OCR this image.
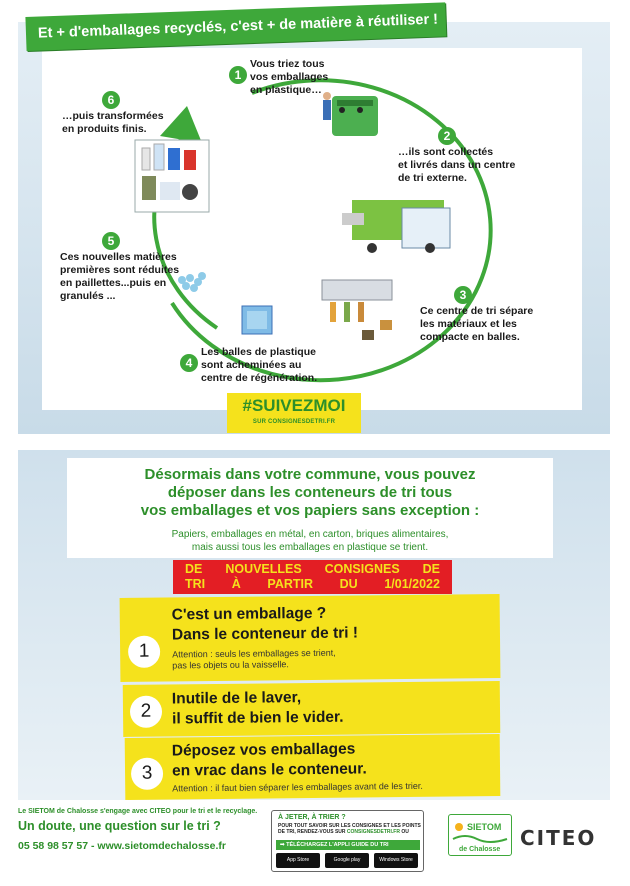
Et + d'emballages recyclés, c'est + de matière à réutiliser !
1
Vous triez tous
vos emballages
en plastique…
2
…ils sont collectés
et livrés dans un centre
de tri externe.
3
Ce centre de tri sépare
les matériaux et les
compacte en balles.
4
Les balles de plastique
sont acheminées au
centre de régénération.
5
Ces nouvelles matières
premières sont réduites
en paillettes...puis en
granulés ...
6
…puis transformées
en produits finis.
#SUIVEZMOI
SUR CONSIGNESDETRI.FR
Désormais dans votre commune, vous pouvez
déposer dans les conteneurs de tri tous
vos emballages et vos papiers sans exception :
Papiers, emballages en métal, en carton, briques alimentaires,
mais aussi tous les emballages en plastique se trient.
DE NOUVELLES CONSIGNES DE
TRI À PARTIR DU 1/01/2022
1
C'est un emballage ?
Dans le conteneur de tri !
Attention : seuls les emballages se trient,
pas les objets ou la vaisselle.
2
Inutile de le laver,
il suffit de bien le vider.
3
Déposez vos emballages
en vrac dans le conteneur.
Attention : il faut bien séparer les emballages avant de les trier.
Le SIETOM de Chalosse s'engage avec CITEO pour le tri et le recyclage.
Un doute, une question sur le tri ?
05 58 98 57 57 - www.sietomdechalosse.fr
À JETER, À TRIER ?
POUR TOUT SAVOIR SUR LES CONSIGNES ET LES POINTS DE TRI, RENDEZ-VOUS SUR CONSIGNESDETRI.FR OU
➡ TÉLÉCHARGEZ L'APPLI GUIDE DU TRI
App Store	Google play	Windows Store
SIETOM
de Chalosse CITEO
